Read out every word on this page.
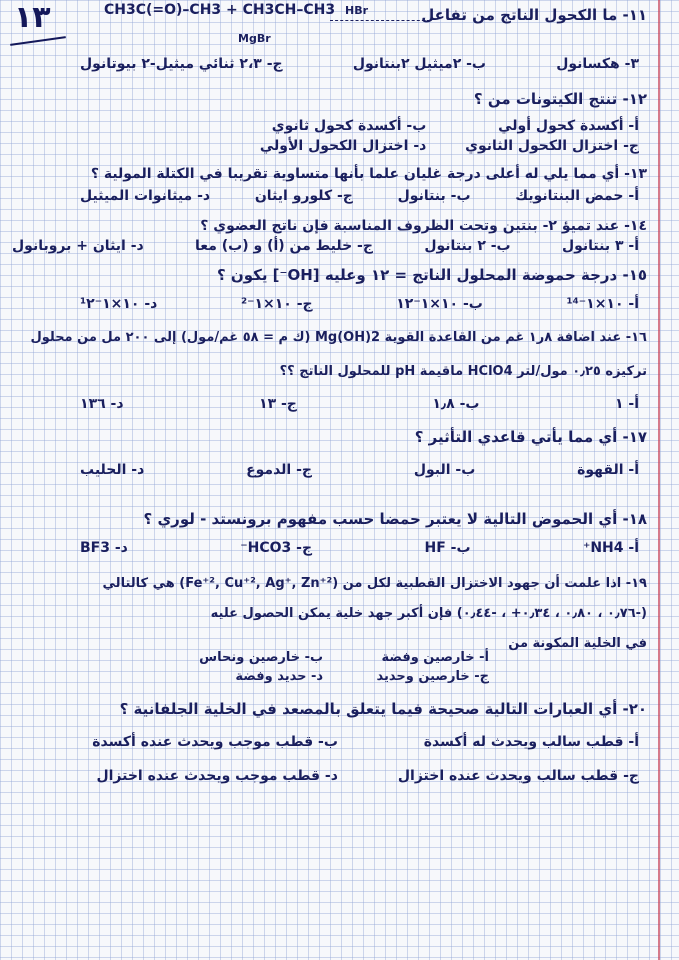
١٣	١١- ما الكحول الناتج من تفاعل
CH3C(=O)–CH3 + CH3CH–CH3
MgBr
HBr
٣- هكسانول
ب- ٢ميثيل ٢بنتانول
ج- ٢،٣ ثنائي ميثيل-٢ بيوتانول
١٢- تنتج الكيتونات من ؟
أ- أكسدة كحول أولي
ب- أكسدة كحول ثانوي
ج- اختزال الكحول الثانوي
د- اختزال الكحول الأولي
١٣- أي مما يلي له أعلى درجة غليان علما بأنها متساوية تقريبا في الكتلة المولية ؟
أ- حمض البنتانويك
ب- بنتانول
ج- كلورو ايثان
د- ميثانوات الميثيل
١٤- عند تميؤ ٢- بنتين وتحت الظروف المناسبة فإن ناتج العضوي ؟
أ- ٣ بنتانول
ب- ٢ بنتانول
ج- خليط من (أ) و (ب) معا
د- ايثان + بروبانول
١٥- درجة حموضة المحلول الناتج = ١٢ وعليه [OH⁻] يكون ؟
أ- ١٠×١⁻¹⁴
ب- ١٠×١⁻١٢
ج- ١٠×١⁻²
د- ١٠×١⁻¹٢
١٦- عند اضافة ٨ر١ غم من القاعدة القوية Mg(OH)2 (ك م = ٥٨ غم/مول) إلى ٢٠٠ مل من محلول
تركيزه ٠٫٢٥ مول/لتر HClO4 ماقيمة pH للمحلول الناتج ؟؟
أ- ١
ب- ١٫٨
ج- ١٣
د- ١٣٦
١٧- أي مما يأتي قاعدي التأثير ؟
أ- القهوة
ب- البول
ج- الدموع
د- الحليب
١٨- أي الحموض التالية لا يعتبر حمضا حسب مفهوم برونستد - لوري ؟
أ- NH4⁺
ب- HF
ج- HCO3⁻
د- BF3
١٩- اذا علمت أن جهود الاختزال القطبية لكل من (Fe⁺², Cu⁺², Ag⁺, Zn⁺²) هي كالتالي
(-٠٫٧٦ ، ٠٫٨٠ ، ٠٫٣٤+ ، -٠٫٤٤) فإن أكبر جهد خلية يمكن الحصول عليه
في الخلية المكونة من
أ- خارصين وفضة
ب- خارصين ونحاس
ج- خارصين وحديد
د- حديد وفضة
٢٠- أي العبارات التالية صحيحة فيما يتعلق بالمصعد في الخلية الجلفانية ؟
أ- قطب سالب ويحدث له أكسدة
ب- قطب موجب ويحدث عنده أكسدة
ج- قطب سالب ويحدث عنده اختزال
د- قطب موجب ويحدث عنده اختزال
